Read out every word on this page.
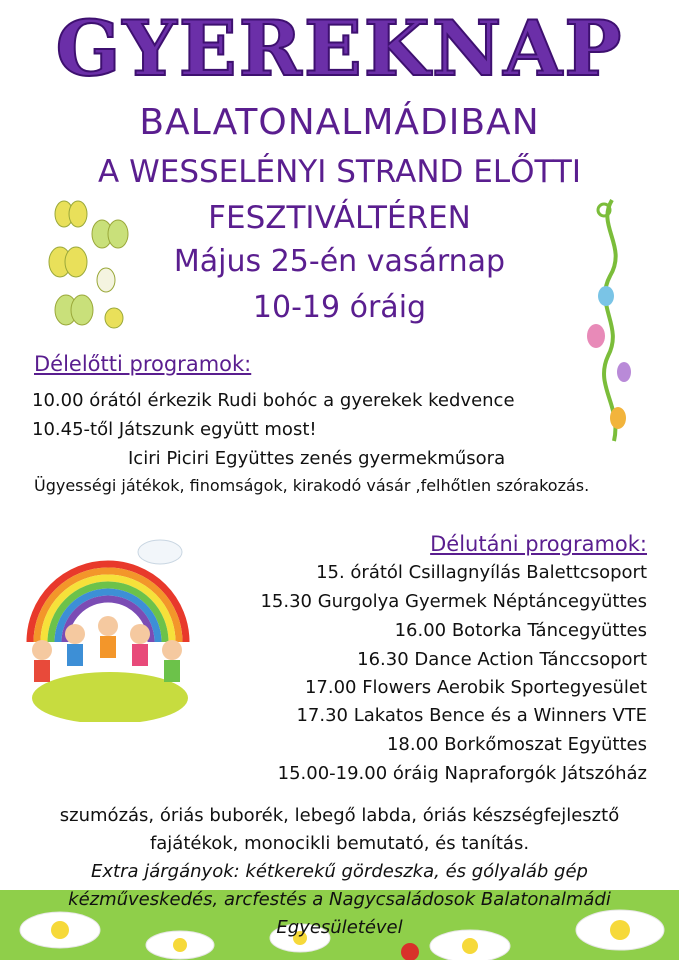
GYEREKNAP
BALATONALMÁDIBAN
A WESSELÉNYI STRAND ELŐTTI
FESZTIVÁLTÉREN
Május 25-én vasárnap
10-19 óráig
Délelőtti programok:
10.00 órától érkezik Rudi bohóc a gyerekek kedvence
10.45-től Játszunk együtt most!
Iciri Piciri Együttes zenés gyermekműsora
Ügyességi játékok, finomságok, kirakodó vásár ,felhőtlen szórakozás.
Délutáni programok:
15. órától Csillagnyílás Balettcsoport
15.30 Gurgolya Gyermek Néptáncegyüttes
16.00 Botorka Táncegyüttes
16.30 Dance Action Tánccsoport
17.00 Flowers Aerobik Sportegyesület
17.30 Lakatos Bence és a Winners VTE
18.00 Borkőmoszat Együttes
15.00-19.00 óráig Napraforgók Játszóház
szumózás, óriás buborék, lebegő labda, óriás készségfejlesztő
fajátékok, monocikli bemutató, és tanítás.
Extra járgányok: kétkerekű gördeszka, és gólyaláb gép
kézműveskedés, arcfestés a Nagycsaládosok Balatonalmádi
Egyesületével
